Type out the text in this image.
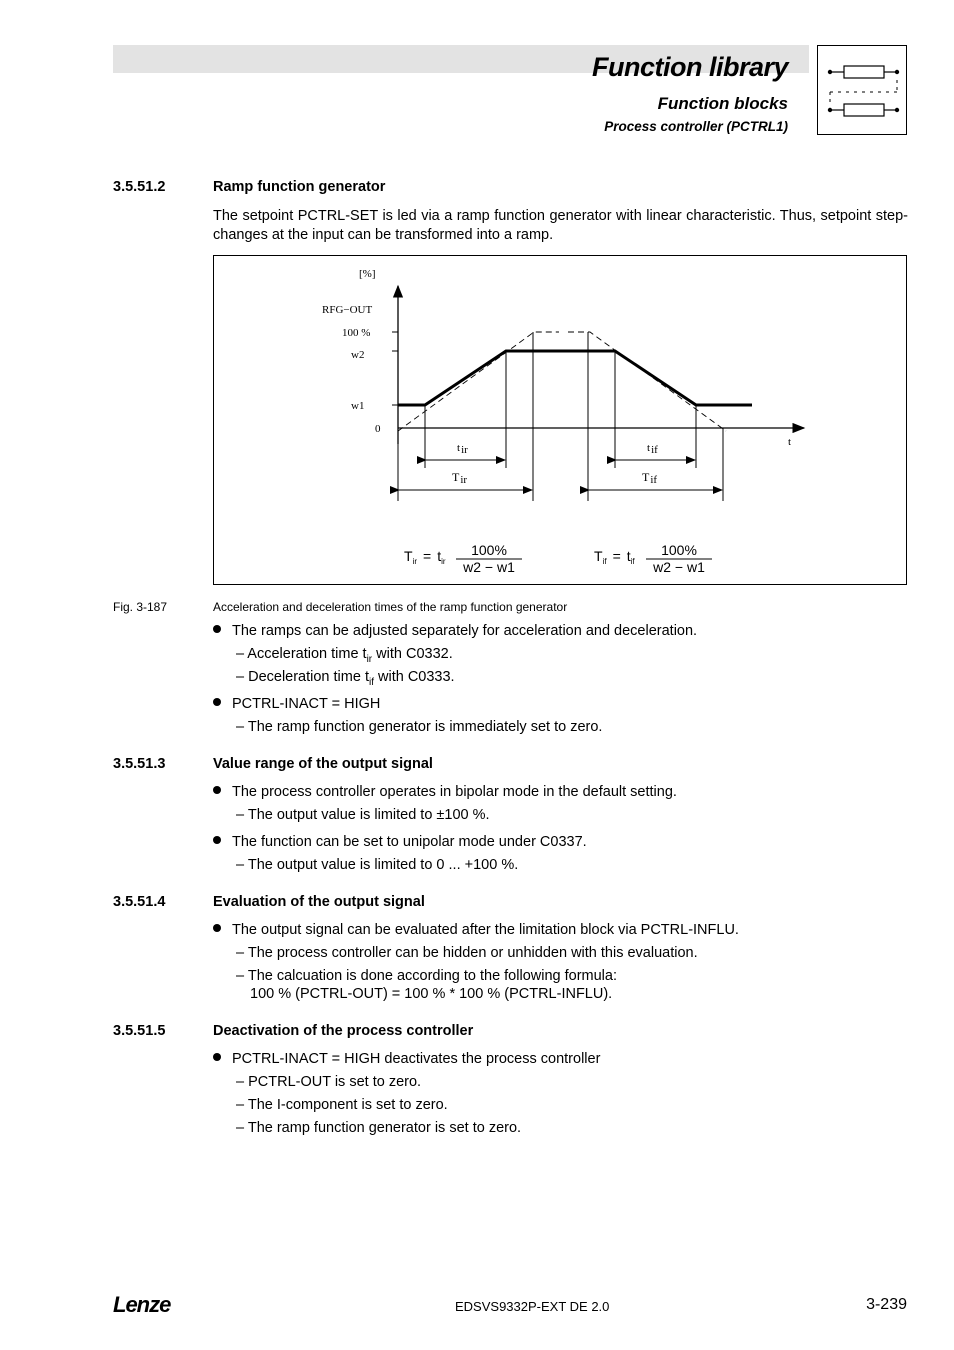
Function library
Function blocks
Process controller (PCTRL1)
3.5.51.2	Ramp function generator
The setpoint PCTRL-SET is led via a ramp function generator with linear characteristic. Thus, setpoint step-changes at the input can be transformed into a ramp.
[%]
RFG−OUT
100 %
w2
w1
0
t
tir	tif
Tir	Tif
$T_{ir} = t_{ir}$
100%
w2 − w1
$T_{if} = t_{if}$
100%
w2 − w1
Fig. 3-187	Acceleration and deceleration times of the ramp function generator
The ramps can be adjusted separately for acceleration and deceleration.
– Acceleration time $t_{ir}$ with C0332.
– Deceleration time $t_{if}$ with C0333.
PCTRL-INACT = HIGH
– The ramp function generator is immediately set to zero.
3.5.51.3	Value range of the output signal
The process controller operates in bipolar mode in the default setting.
– The output value is limited to ±100 %.
The function can be set to unipolar mode under C0337.
– The output value is limited to 0 ... +100 %.
3.5.51.4	Evaluation of the output signal
The output signal can be evaluated after the limitation block via PCTRL-INFLU.
– The process controller can be hidden or unhidden with this evaluation.
– The calcuation is done according to the following formula:
100 % (PCTRL-OUT) = 100 % * 100 % (PCTRL-INFLU).
3.5.51.5	Deactivation of the process controller
PCTRL-INACT = HIGH deactivates the process controller
– PCTRL-OUT is set to zero.
– The I-component is set to zero.
– The ramp function generator is set to zero.
Lenze	EDSVS9332P-EXT DE 2.0	3-239
